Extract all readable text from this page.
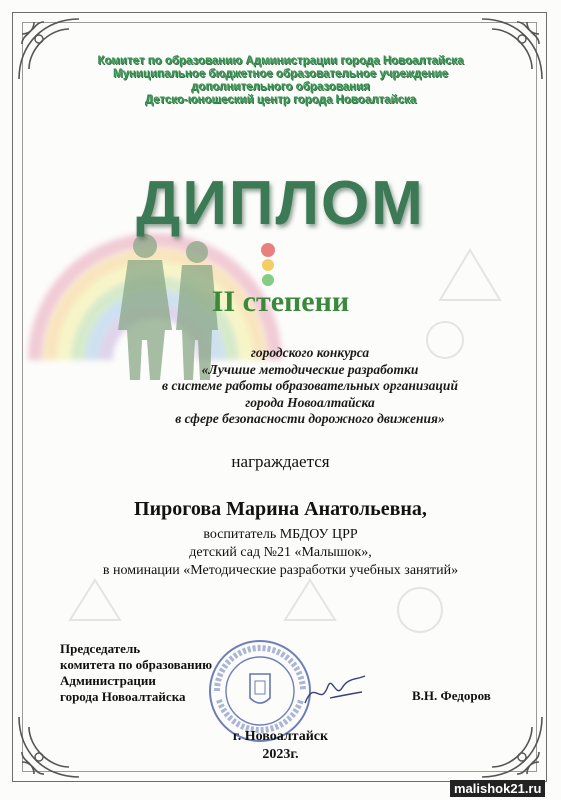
Комитет по образованию Администрации города Новоалтайска
Муниципальное бюджетное образовательное учреждение
дополнительного образования
Детско-юношеский центр города Новоалтайска
ДИПЛОМ
II степени
городского конкурса
«Лучшие методические разработки
в системе работы образовательных организаций
города Новоалтайска
в сфере безопасности дорожного движения»
награждается
Пирогова Марина Анатольевна,
воспитатель МБДОУ ЦРР
детский сад №21 «Малышок»,
в номинации «Методические разработки учебных занятий»
Председатель
комитета по образованию
Администрации
города Новоалтайска	В.Н. Федоров
г. Новоалтайск
2023г.
malishok21.ru
